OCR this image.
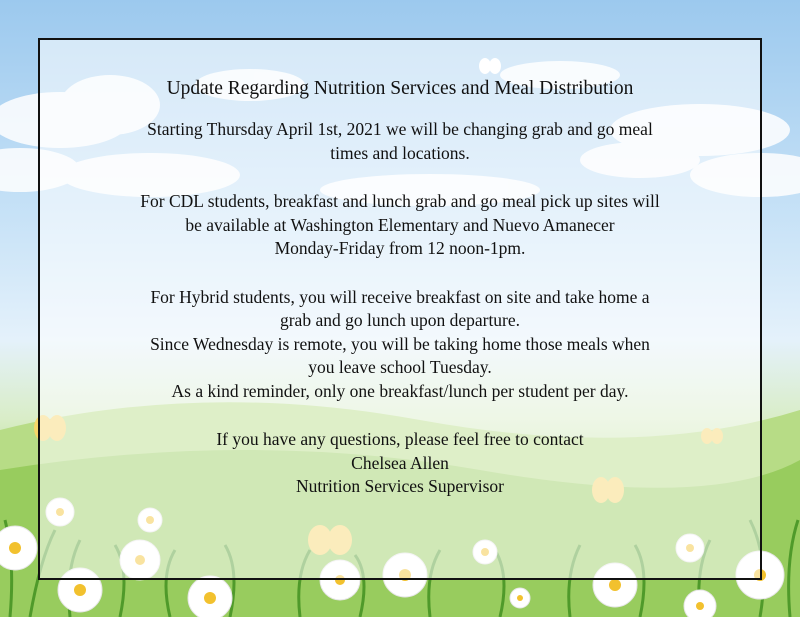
Update Regarding Nutrition Services and Meal Distribution

Starting Thursday April 1st, 2021 we will be changing grab and go meal

times and locations.

For CDL students, breakfast and lunch grab and go meal pick up sites will

be available at Washington Elementary and Nuevo Amanecer

Monday-Friday from 12 noon-1pm.

For Hybrid students, you will receive breakfast on site and take home a

grab and go lunch upon departure.

Since Wednesday is remote, you will be taking home those meals when

you leave school Tuesday.

As a kind reminder, only one breakfast/lunch per student per day.

If you have any questions, please feel free to contact

Chelsea Allen

Nutrition Services Supervisor
